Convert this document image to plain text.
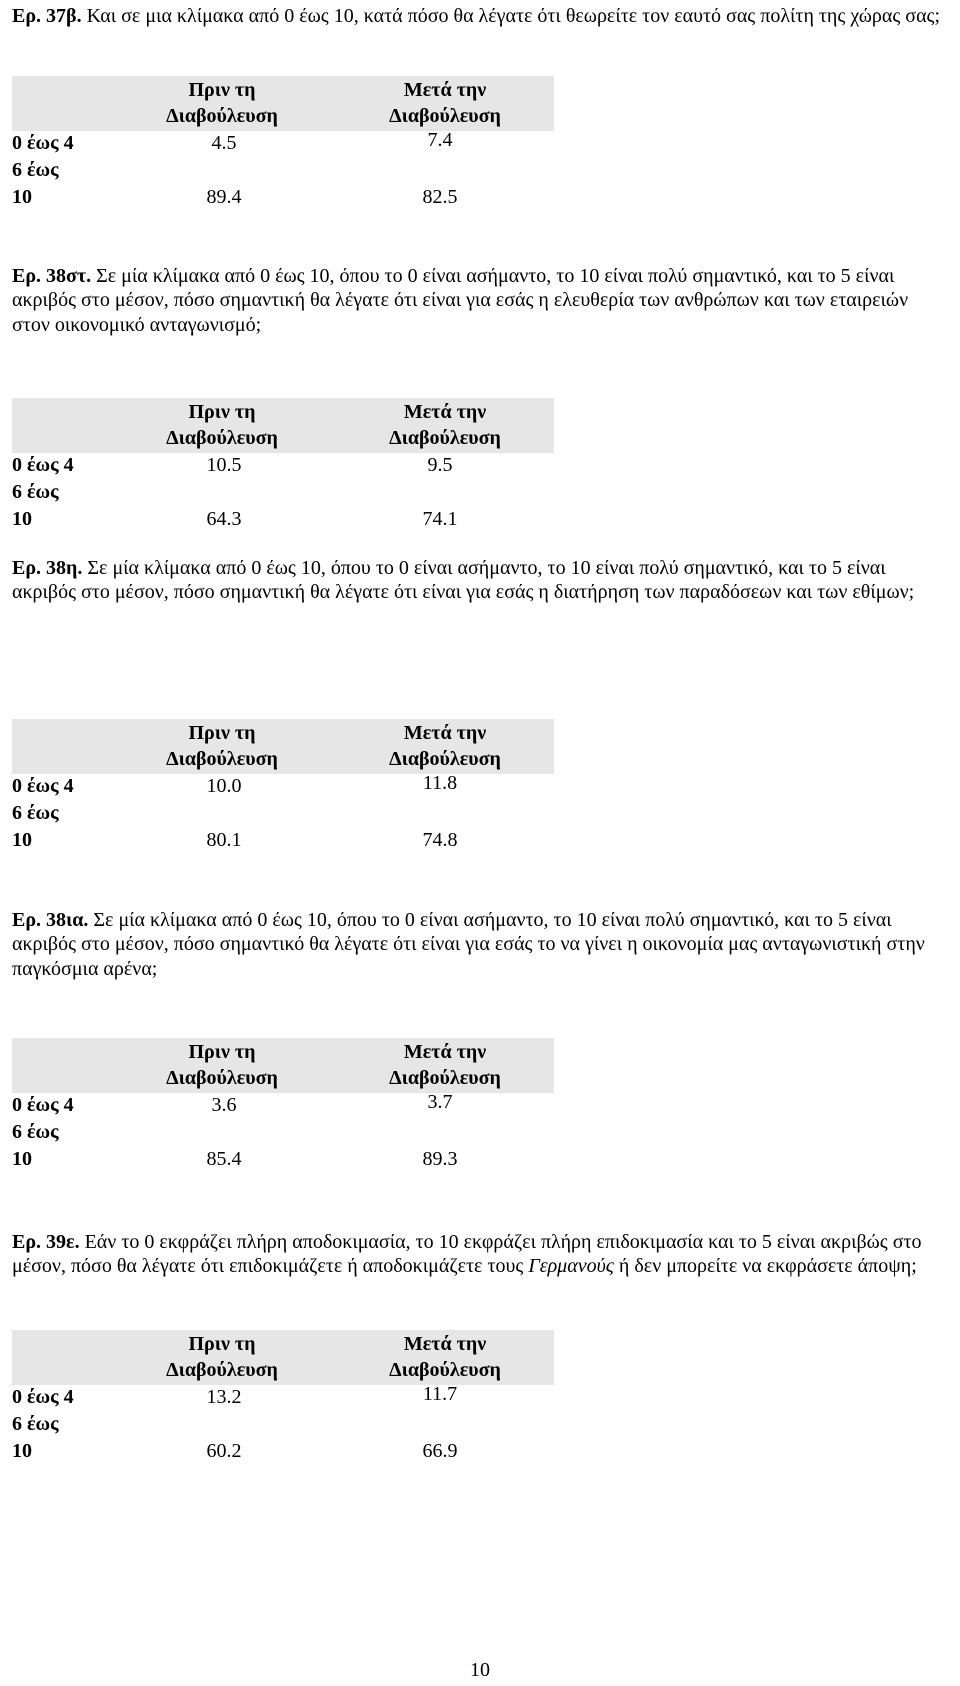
Ερ. 37β. Και σε μια κλίμακα από 0 έως 10, κατά πόσο θα λέγατε ότι θεωρείτε τον εαυτό σας πολίτη της χώρας σας;
Πριν τη Διαβούλευση
Μετά την Διαβούλευση
0 έως 4	4.5	7.4
6 έως
10	89.4	82.5
Ερ. 38στ. Σε μία κλίμακα από 0 έως 10, όπου το 0 είναι ασήμαντο, το 10 είναι πολύ σημαντικό, και το 5 είναι ακριβός στο μέσον, πόσο σημαντική θα λέγατε ότι είναι για εσάς η ελευθερία των ανθρώπων και των εταιρειών στον οικονομικό ανταγωνισμό;
Πριν τη Διαβούλευση
Μετά την Διαβούλευση
0 έως 4	10.5	9.5
6 έως
10	64.3	74.1
Ερ. 38η. Σε μία κλίμακα από 0 έως 10, όπου το 0 είναι ασήμαντο, το 10 είναι πολύ σημαντικό, και το 5 είναι ακριβός στο μέσον, πόσο σημαντική θα λέγατε ότι είναι για εσάς η διατήρηση των παραδόσεων και των εθίμων;
Πριν τη Διαβούλευση
Μετά την Διαβούλευση
0 έως 4	10.0	11.8
6 έως
10	80.1	74.8
Ερ. 38ια. Σε μία κλίμακα από 0 έως 10, όπου το 0 είναι ασήμαντο, το 10 είναι πολύ σημαντικό, και το 5 είναι ακριβός στο μέσον, πόσο σημαντικό θα λέγατε ότι είναι για εσάς το να γίνει η οικονομία μας ανταγωνιστική στην παγκόσμια αρένα;
Πριν τη Διαβούλευση
Μετά την Διαβούλευση
0 έως 4	3.6	3.7
6 έως
10	85.4	89.3
Ερ. 39ε. Εάν το 0 εκφράζει πλήρη αποδοκιμασία, το 10 εκφράζει πλήρη επιδοκιμασία και το 5 είναι ακριβώς στο μέσον, πόσο θα λέγατε ότι επιδοκιμάζετε ή αποδοκιμάζετε τους Γερμανούς ή δεν μπορείτε να εκφράσετε άποψη;
Πριν τη Διαβούλευση
Μετά την Διαβούλευση
0 έως 4	13.2	11.7
6 έως
10	60.2	66.9
10
